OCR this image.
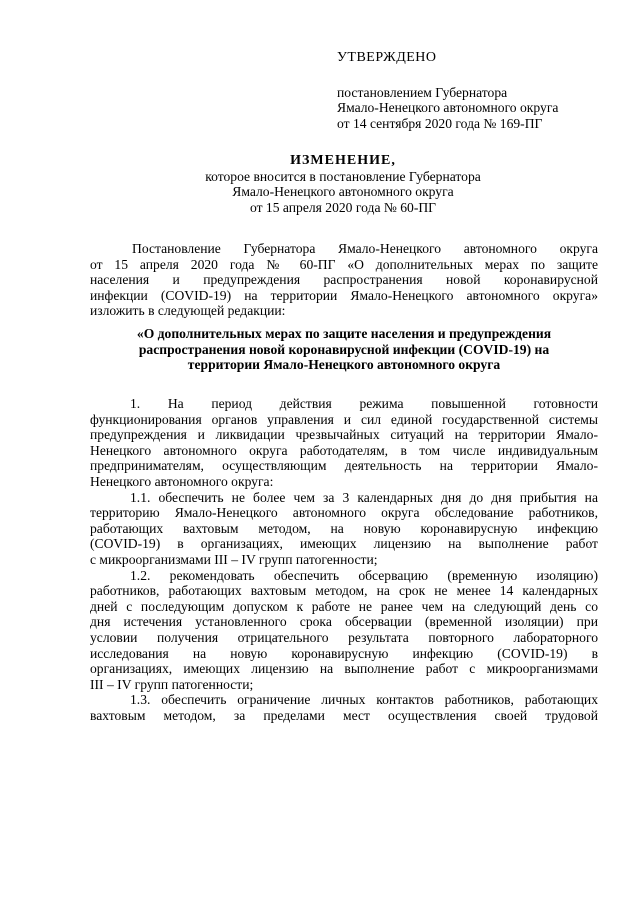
УТВЕРЖДЕНО
постановлением Губернатора
Ямало-Ненецкого автономного округа
от 14 сентября 2020 года № 169-ПГ
ИЗМЕНЕНИЕ,
которое вносится в постановление Губернатора
Ямало-Ненецкого автономного округа
от 15 апреля 2020 года № 60-ПГ
Постановление Губернатора Ямало-Ненецкого автономного округа
от 15 апреля 2020 года № 60-ПГ «О дополнительных мерах по защите
населения и предупреждения распространения новой коронавирусной
инфекции (COVID-19) на территории Ямало-Ненецкого автономного округа»
изложить в следующей редакции:
«О дополнительных мерах по защите населения и предупреждения
распространения новой коронавирусной инфекции (COVID-19) на
территории Ямало-Ненецкого автономного округа
1. На период действия режима повышенной готовности
функционирования органов управления и сил единой государственной системы
предупреждения и ликвидации чрезвычайных ситуаций на территории Ямало-
Ненецкого автономного округа работодателям, в том числе индивидуальным
предпринимателям, осуществляющим деятельность на территории Ямало-
Ненецкого автономного округа:
1.1. обеспечить не более чем за 3 календарных дня до дня прибытия на
территорию Ямало-Ненецкого автономного округа обследование работников,
работающих вахтовым методом, на новую коронавирусную инфекцию
(COVID-19) в организациях, имеющих лицензию на выполнение работ
с микроорганизмами III – IV групп патогенности;
1.2. рекомендовать обеспечить обсервацию (временную изоляцию)
работников, работающих вахтовым методом, на срок не менее 14 календарных
дней с последующим допуском к работе не ранее чем на следующий день со
дня истечения установленного срока обсервации (временной изоляции) при
условии получения отрицательного результата повторного лабораторного
исследования на новую коронавирусную инфекцию (COVID-19) в
организациях, имеющих лицензию на выполнение работ с микроорганизмами
III – IV групп патогенности;
1.3. обеспечить ограничение личных контактов работников, работающих
вахтовым методом, за пределами мест осуществления своей трудовой
